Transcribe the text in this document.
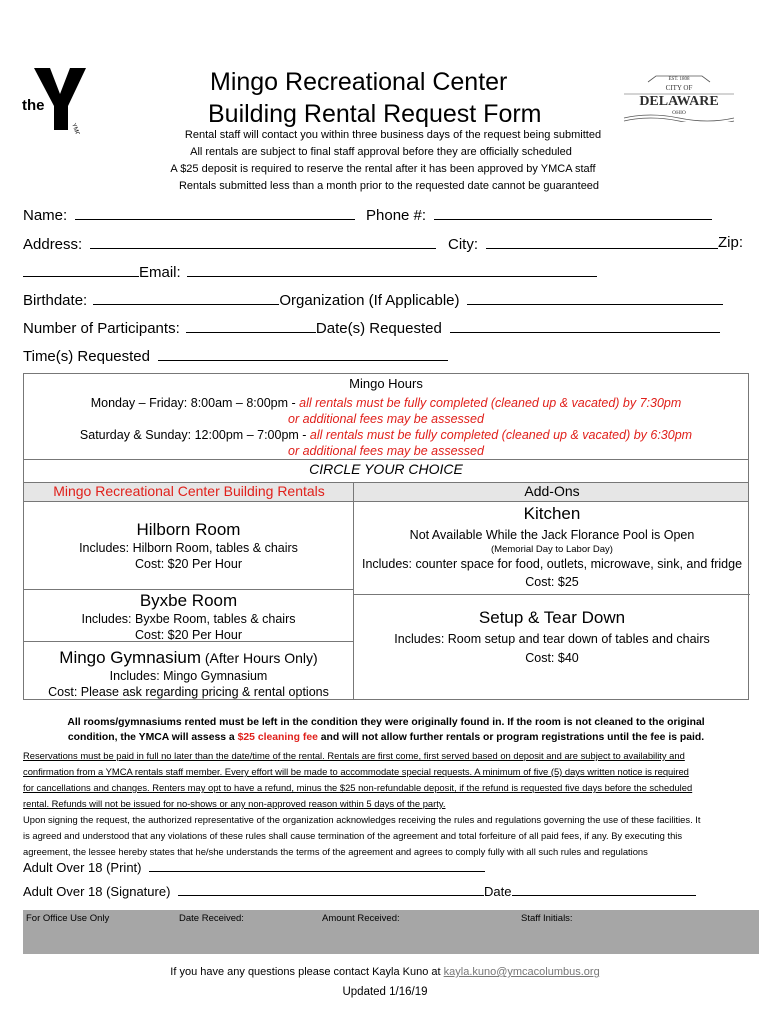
the
YMCA
Mingo Recreational Center
Building Rental Request Form
EST. 1808
CITY OF
DELAWARE
OHIO
Rental staff will contact you within three business days of the request being submitted
All rentals are subject to final staff approval before they are officially scheduled
A $25 deposit is required to reserve the rental after it has been approved by YMCA staff
Rentals submitted less than a month prior to the requested date cannot be guaranteed
Name:	Phone #:
Address:	City:	Zip:
Email:
Birthdate:	Organization (If Applicable)
Number of Participants:	Date(s) Requested
Time(s) Requested
Mingo Hours
Monday – Friday: 8:00am – 8:00pm - all rentals must be fully completed (cleaned up & vacated) by 7:30pm
or additional fees may be assessed
Saturday & Sunday: 12:00pm – 7:00pm - all rentals must be fully completed (cleaned up & vacated) by 6:30pm
or additional fees may be assessed
CIRCLE YOUR CHOICE
Mingo Recreational Center Building Rentals	Add-Ons
Hilborn Room
Includes: Hilborn Room, tables & chairs
Cost: $20 Per Hour
Byxbe Room
Includes: Byxbe Room, tables & chairs
Cost: $20 Per Hour
Mingo Gymnasium (After Hours Only)
Includes: Mingo Gymnasium
Cost: Please ask regarding pricing & rental options
Kitchen
Not Available While the Jack Florance Pool is Open
(Memorial Day to Labor Day)
Includes: counter space for food, outlets, microwave, sink, and fridge
Cost: $25
Setup & Tear Down
Includes: Room setup and tear down of tables and chairs
Cost: $40
All rooms/gymnasiums rented must be left in the condition they were originally found in. If the room is not cleaned to the original
condition, the YMCA will assess a $25 cleaning fee and will not allow further rentals or program registrations until the fee is paid.
Reservations must be paid in full no later than the date/time of the rental. Rentals are first come, first served based on deposit and are subject to availability and
confirmation from a YMCA rentals staff member. Every effort will be made to accommodate special requests. A minimum of five (5) days written notice is required
for cancellations and changes. Renters may opt to have a refund, minus the $25 non-refundable deposit, if the refund is requested five days before the scheduled
rental. Refunds will not be issued for no-shows or any non-approved reason within 5 days of the party.
Upon signing the request, the authorized representative of the organization acknowledges receiving the rules and regulations governing the use of these facilities. It
is agreed and understood that any violations of these rules shall cause termination of the agreement and total forfeiture of all paid fees, if any. By executing this
agreement, the lessee hereby states that he/she understands the terms of the agreement and agrees to comply fully with all such rules and regulations
Adult Over 18 (Print)
Adult Over 18 (Signature)	Date
For Office Use Only	Date Received:	Amount Received:	Staff Initials:
If you have any questions please contact Kayla Kuno at kayla.kuno@ymcacolumbus.org
Updated 1/16/19
